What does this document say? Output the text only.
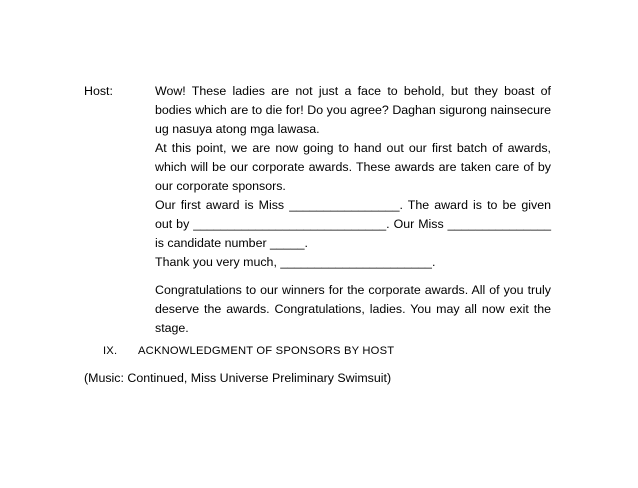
Host:	Wow! These ladies are not just a face to behold, but they boast of bodies which are to die for! Do you agree? Daghan sigurong nainsecure ug nasuya atong mga lawasa.

At this point, we are now going to hand out our first batch of awards, which will be our corporate awards. These awards are taken care of by our corporate sponsors.

Our first award is Miss ________________. The award is to be given out by ____________________________. Our Miss _______________ is candidate number _____.

Thank you very much, ______________________.

Congratulations to our winners for the corporate awards. All of you truly deserve the awards. Congratulations, ladies. You may all now exit the stage.

IX. ACKNOWLEDGMENT OF SPONSORS BY HOST
(Music: Continued, Miss Universe Preliminary Swimsuit)
